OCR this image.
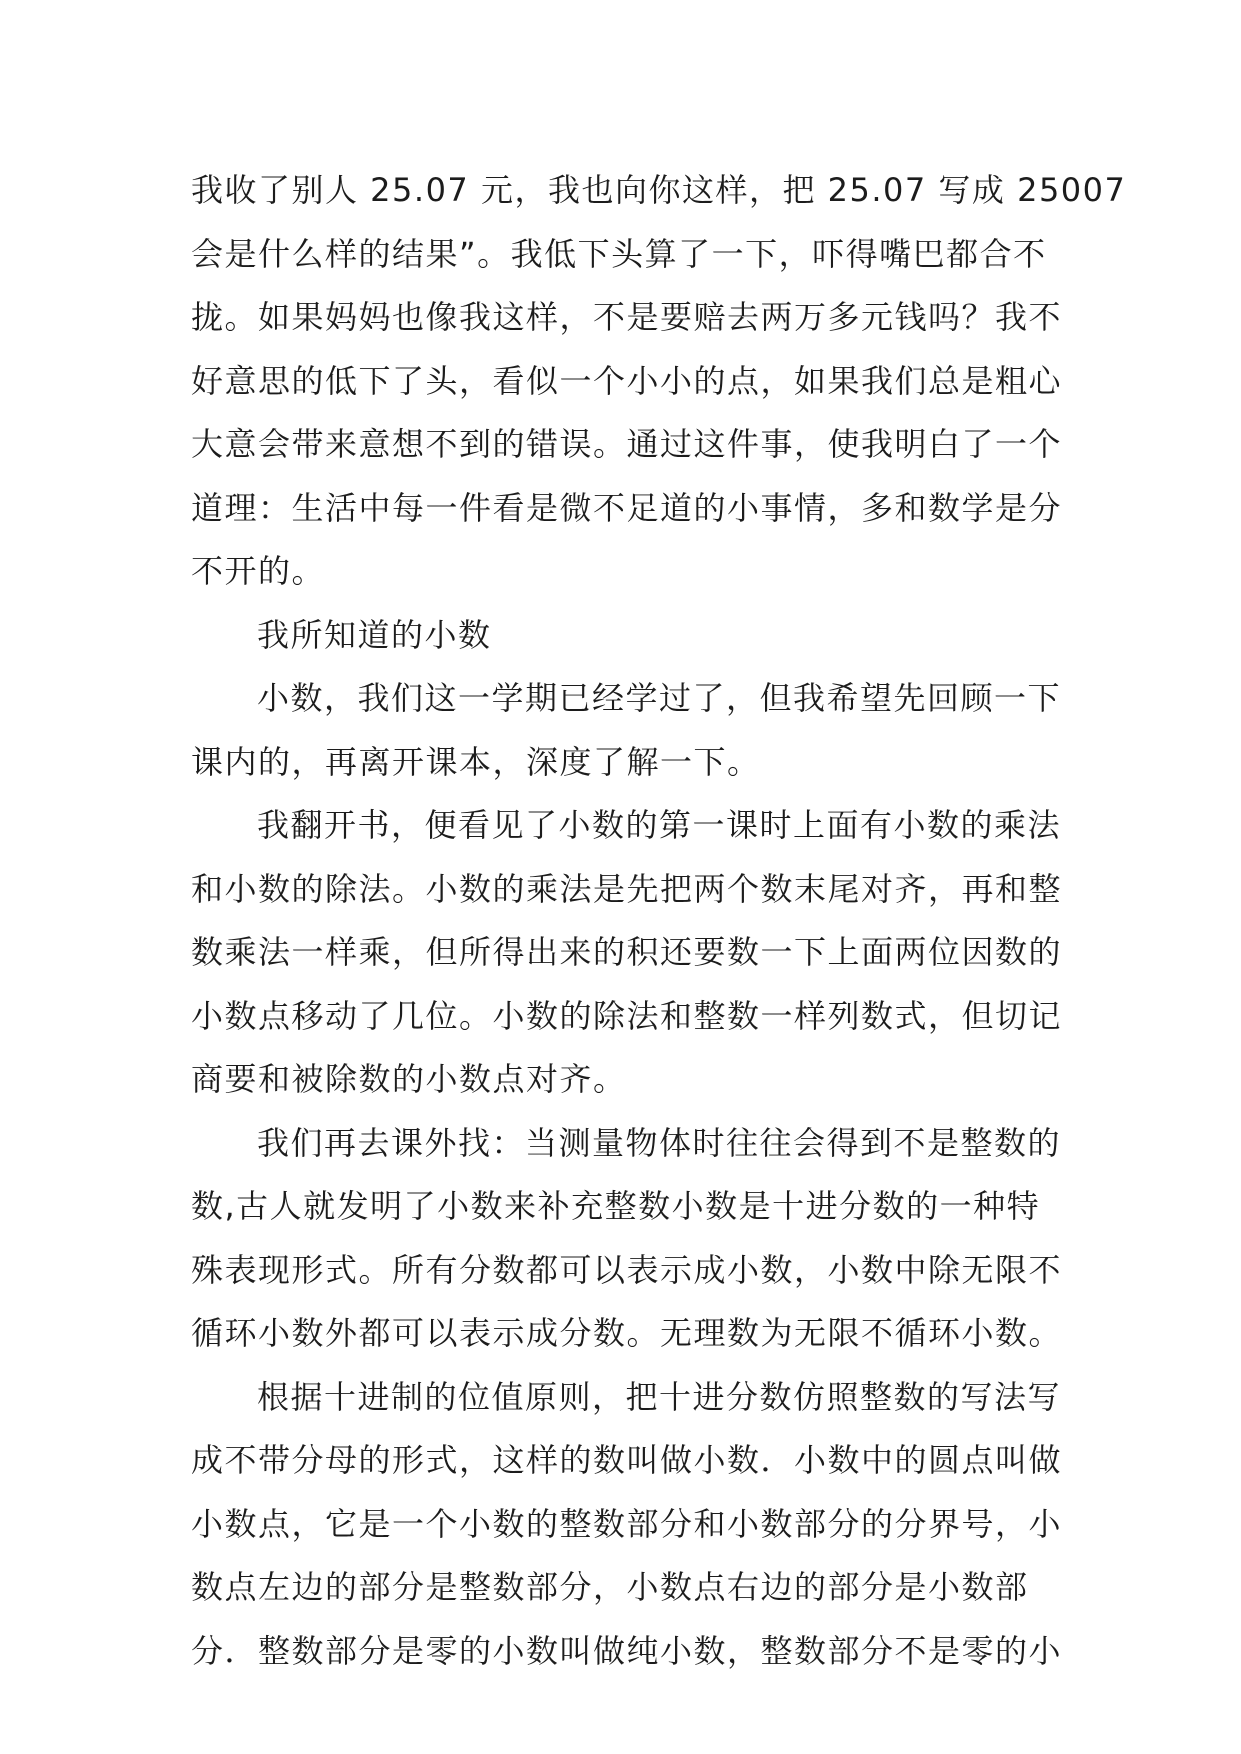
我收了别人 25.07 元，我也向你这样，把 25.07 写成 25007
会是什么样的结果”。我低下头算了一下，吓得嘴巴都合不
拢。如果妈妈也像我这样，不是要赔去两万多元钱吗？我不
好意思的低下了头，看似一个小小的点，如果我们总是粗心
大意会带来意想不到的错误。通过这件事，使我明白了一个
道理：生活中每一件看是微不足道的小事情，多和数学是分
不开的。
我所知道的小数
小数，我们这一学期已经学过了，但我希望先回顾一下
课内的，再离开课本，深度了解一下。
我翻开书，便看见了小数的第一课时上面有小数的乘法
和小数的除法。小数的乘法是先把两个数末尾对齐，再和整
数乘法一样乘，但所得出来的积还要数一下上面两位因数的
小数点移动了几位。小数的除法和整数一样列数式，但切记
商要和被除数的小数点对齐。
我们再去课外找：当测量物体时往往会得到不是整数的
数,古人就发明了小数来补充整数小数是十进分数的一种特
殊表现形式。所有分数都可以表示成小数，小数中除无限不
循环小数外都可以表示成分数。无理数为无限不循环小数。
根据十进制的位值原则，把十进分数仿照整数的写法写
成不带分母的形式，这样的数叫做小数．小数中的圆点叫做
小数点，它是一个小数的整数部分和小数部分的分界号，小
数点左边的部分是整数部分，小数点右边的部分是小数部
分．整数部分是零的小数叫做纯小数，整数部分不是零的小
